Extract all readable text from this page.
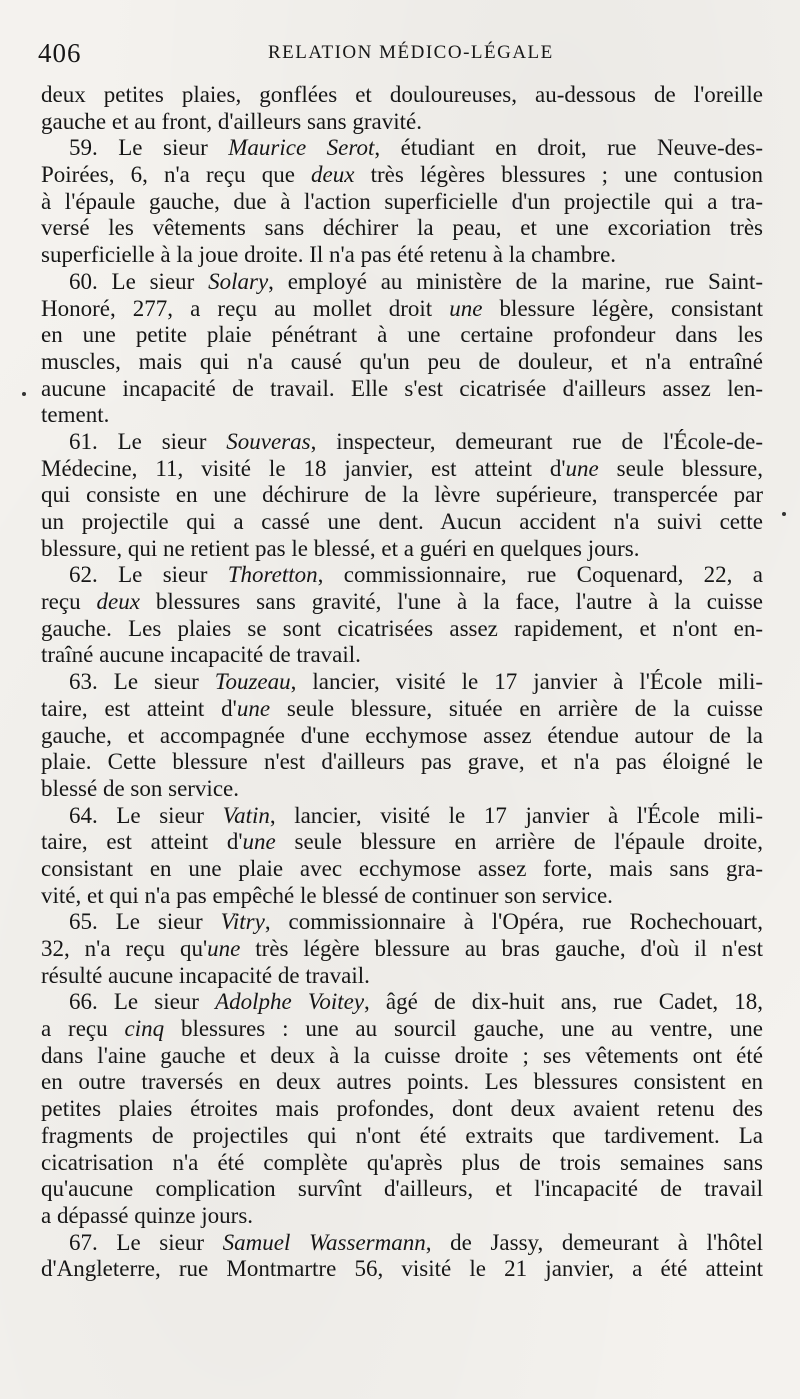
406	RELATION MÉDICO-LÉGALE
deux petites plaies, gonflées et douloureuses, au-dessous de l'oreille
gauche et au front, d'ailleurs sans gravité.
59. Le sieur Maurice Serot, étudiant en droit, rue Neuve-des-
Poirées, 6, n'a reçu que deux très légères blessures ; une contusion
à l'épaule gauche, due à l'action superficielle d'un projectile qui a tra-
versé les vêtements sans déchirer la peau, et une excoriation très
superficielle à la joue droite. Il n'a pas été retenu à la chambre.
60. Le sieur Solary, employé au ministère de la marine, rue Saint-
Honoré, 277, a reçu au mollet droit une blessure légère, consistant
en une petite plaie pénétrant à une certaine profondeur dans les
muscles, mais qui n'a causé qu'un peu de douleur, et n'a entraîné
aucune incapacité de travail. Elle s'est cicatrisée d'ailleurs assez len-
tement.
61. Le sieur Souveras, inspecteur, demeurant rue de l'École-de-
Médecine, 11, visité le 18 janvier, est atteint d'une seule blessure,
qui consiste en une déchirure de la lèvre supérieure, transpercée par
un projectile qui a cassé une dent. Aucun accident n'a suivi cette
blessure, qui ne retient pas le blessé, et a guéri en quelques jours.
62. Le sieur Thoretton, commissionnaire, rue Coquenard, 22, a
reçu deux blessures sans gravité, l'une à la face, l'autre à la cuisse
gauche. Les plaies se sont cicatrisées assez rapidement, et n'ont en-
traîné aucune incapacité de travail.
63. Le sieur Touzeau, lancier, visité le 17 janvier à l'École mili-
taire, est atteint d'une seule blessure, située en arrière de la cuisse
gauche, et accompagnée d'une ecchymose assez étendue autour de la
plaie. Cette blessure n'est d'ailleurs pas grave, et n'a pas éloigné le
blessé de son service.
64. Le sieur Vatin, lancier, visité le 17 janvier à l'École mili-
taire, est atteint d'une seule blessure en arrière de l'épaule droite,
consistant en une plaie avec ecchymose assez forte, mais sans gra-
vité, et qui n'a pas empêché le blessé de continuer son service.
65. Le sieur Vitry, commissionnaire à l'Opéra, rue Rochechouart,
32, n'a reçu qu'une très légère blessure au bras gauche, d'où il n'est
résulté aucune incapacité de travail.
66. Le sieur Adolphe Voitey, âgé de dix-huit ans, rue Cadet, 18,
a reçu cinq blessures : une au sourcil gauche, une au ventre, une
dans l'aine gauche et deux à la cuisse droite ; ses vêtements ont été
en outre traversés en deux autres points. Les blessures consistent en
petites plaies étroites mais profondes, dont deux avaient retenu des
fragments de projectiles qui n'ont été extraits que tardivement. La
cicatrisation n'a été complète qu'après plus de trois semaines sans
qu'aucune complication survînt d'ailleurs, et l'incapacité de travail
a dépassé quinze jours.
67. Le sieur Samuel Wassermann, de Jassy, demeurant à l'hôtel
d'Angleterre, rue Montmartre 56, visité le 21 janvier, a été atteint
